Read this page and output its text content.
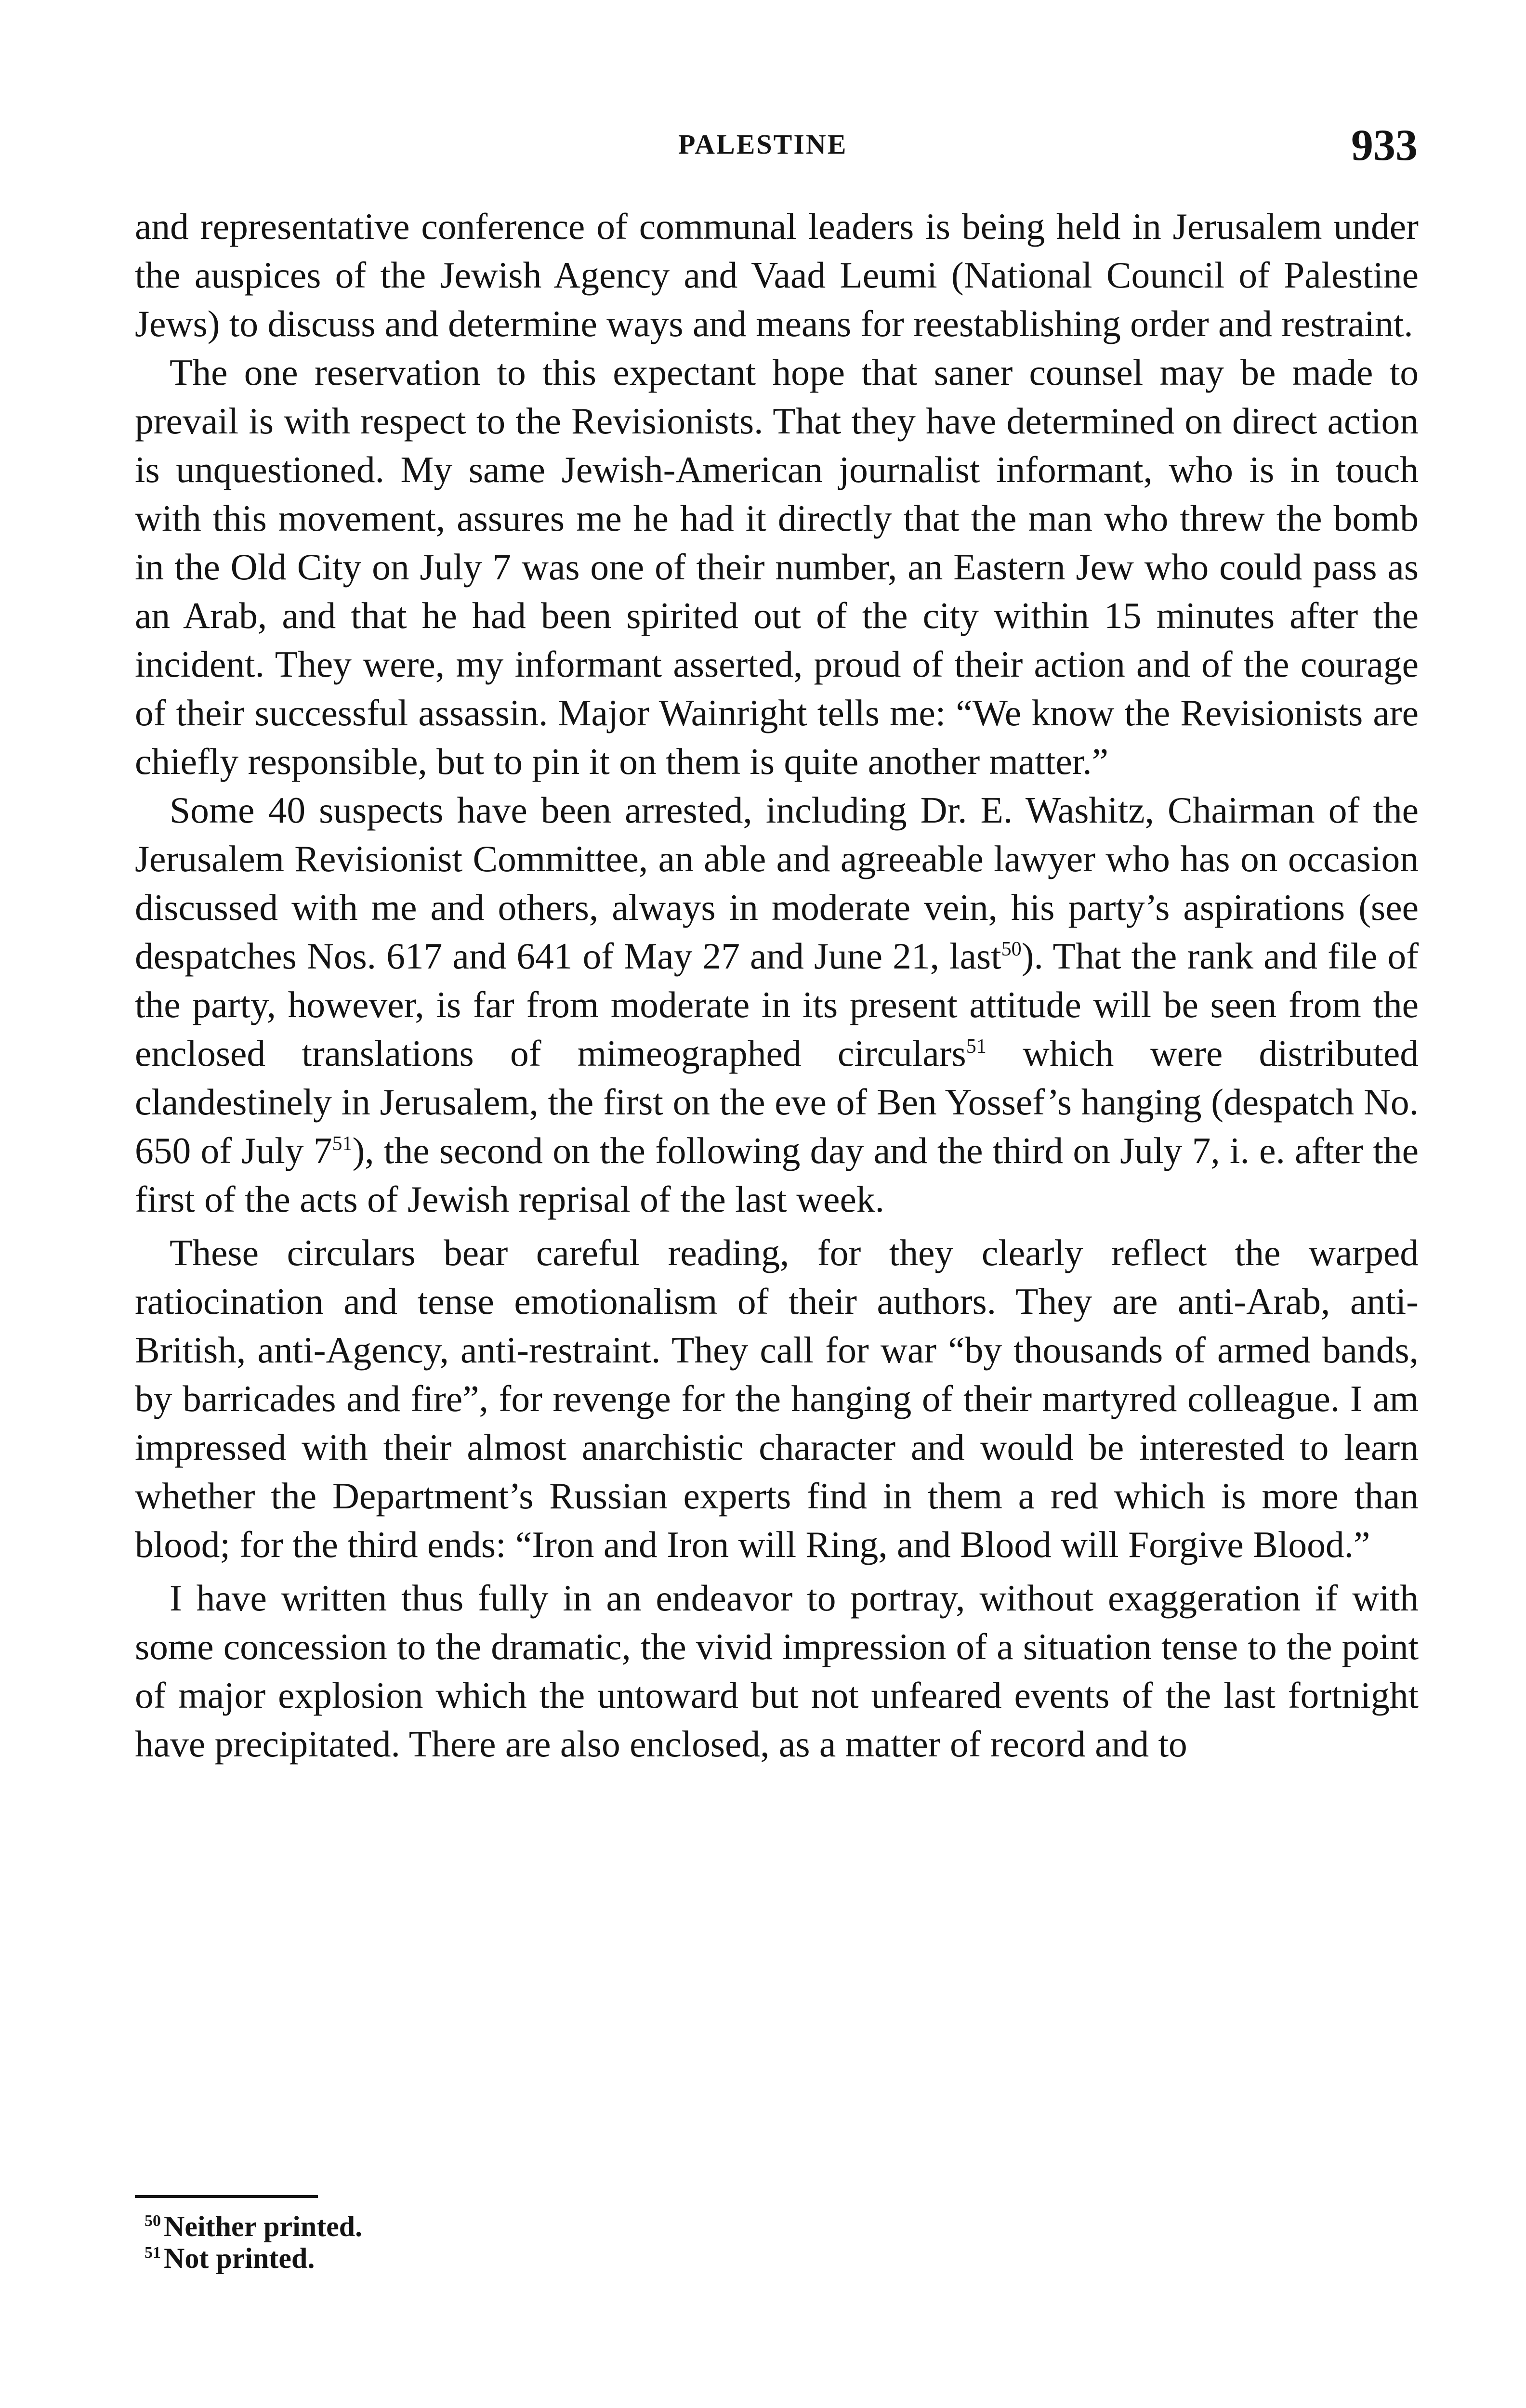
PALESTINE	933

and representative conference of communal leaders is being held in Jerusalem under the auspices of the Jewish Agency and Vaad Leumi (National Council of Palestine Jews) to discuss and determine ways and means for reestablishing order and restraint.

The one reservation to this expectant hope that saner counsel may be made to prevail is with respect to the Revisionists. That they have determined on direct action is unquestioned. My same Jewish-American journalist informant, who is in touch with this movement, assures me he had it directly that the man who threw the bomb in the Old City on July 7 was one of their number, an Eastern Jew who could pass as an Arab, and that he had been spirited out of the city within 15 minutes after the incident. They were, my informant asserted, proud of their action and of the courage of their successful assassin. Major Wainright tells me: “We know the Revisionists are chiefly responsible, but to pin it on them is quite another matter.”

Some 40 suspects have been arrested, including Dr. E. Washitz, Chairman of the Jerusalem Revisionist Committee, an able and agreeable lawyer who has on occasion discussed with me and others, always in moderate vein, his party’s aspirations (see despatches Nos. 617 and 641 of May 27 and June 21, last$^{50}$). That the rank and file of the party, however, is far from moderate in its present attitude will be seen from the enclosed translations of mimeographed circulars$^{51}$ which were distributed clandestinely in Jerusalem, the first on the eve of Ben Yossef’s hanging (despatch No. 650 of July 7$^{51}$), the second on the following day and the third on July 7, i. e. after the first of the acts of Jewish reprisal of the last week.

These circulars bear careful reading, for they clearly reflect the warped ratiocination and tense emotionalism of their authors. They are anti-Arab, anti-British, anti-Agency, anti-restraint. They call for war “by thousands of armed bands, by barricades and fire”, for revenge for the hanging of their martyred colleague. I am impressed with their almost anarchistic character and would be interested to learn whether the Department’s Russian experts find in them a red which is more than blood; for the third ends: “Iron and Iron will Ring, and Blood will Forgive Blood.”

I have written thus fully in an endeavor to portray, without exaggeration if with some concession to the dramatic, the vivid impression of a situation tense to the point of major explosion which the untoward but not unfeared events of the last fortnight have precipitated. There are also enclosed, as a matter of record and to

$^{50}$ Neither printed.

$^{51}$ Not printed.
